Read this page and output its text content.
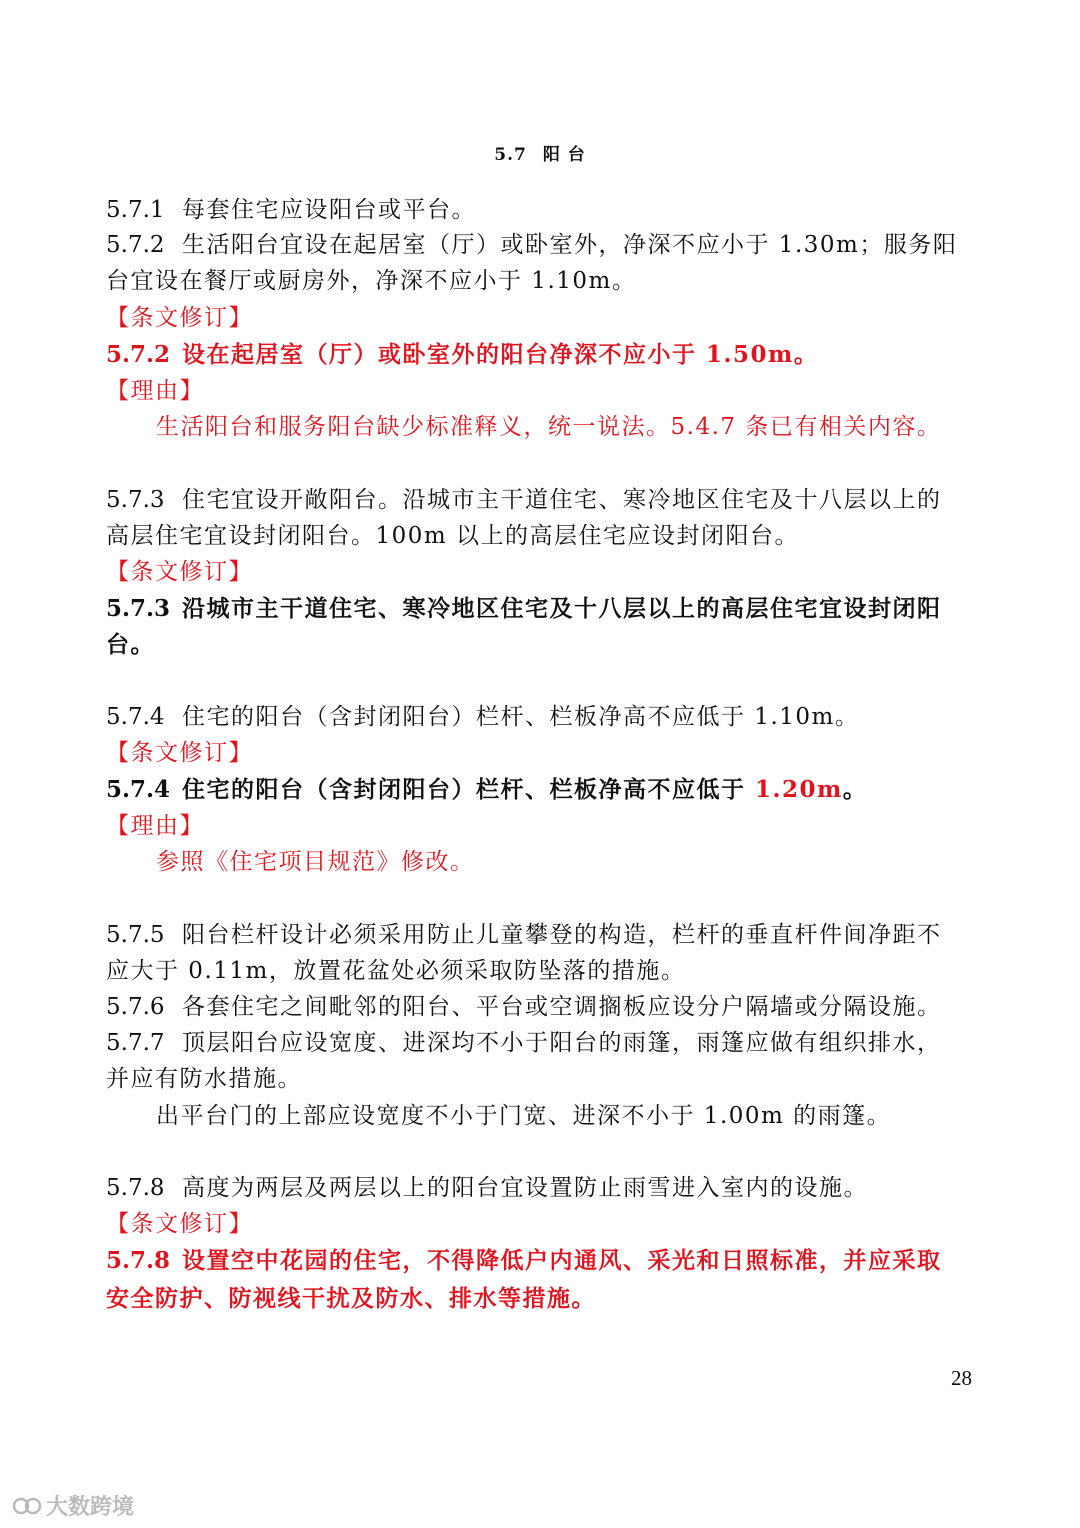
5.7 阳 台
5.7.1 每套住宅应设阳台或平台。
5.7.2 生活阳台宜设在起居室（厅）或卧室外，净深不应小于 1.30m；服务阳
台宜设在餐厅或厨房外，净深不应小于 1.10m。
【条文修订】
5.7.2 设在起居室（厅）或卧室外的阳台净深不应小于 1.50m。
【理由】
生活阳台和服务阳台缺少标准释义，统一说法。5.4.7 条已有相关内容。
5.7.3 住宅宜设开敞阳台。沿城市主干道住宅、寒冷地区住宅及十八层以上的
高层住宅宜设封闭阳台。100m 以上的高层住宅应设封闭阳台。
【条文修订】
5.7.3 沿城市主干道住宅、寒冷地区住宅及十八层以上的高层住宅宜设封闭阳
台。
5.7.4 住宅的阳台（含封闭阳台）栏杆、栏板净高不应低于 1.10m。
【条文修订】
5.7.4 住宅的阳台（含封闭阳台）栏杆、栏板净高不应低于 1.20m。
【理由】
参照《住宅项目规范》修改。
5.7.5 阳台栏杆设计必须采用防止儿童攀登的构造，栏杆的垂直杆件间净距不
应大于 0.11m，放置花盆处必须采取防坠落的措施。
5.7.6 各套住宅之间毗邻的阳台、平台或空调搁板应设分户隔墙或分隔设施。
5.7.7 顶层阳台应设宽度、进深均不小于阳台的雨篷，雨篷应做有组织排水，
并应有防水措施。
出平台门的上部应设宽度不小于门宽、进深不小于 1.00m 的雨篷。
5.7.8 高度为两层及两层以上的阳台宜设置防止雨雪进入室内的设施。
【条文修订】
5.7.8 设置空中花园的住宅，不得降低户内通风、采光和日照标准，并应采取
安全防护、防视线干扰及防水、排水等措施。
28
大数跨境
